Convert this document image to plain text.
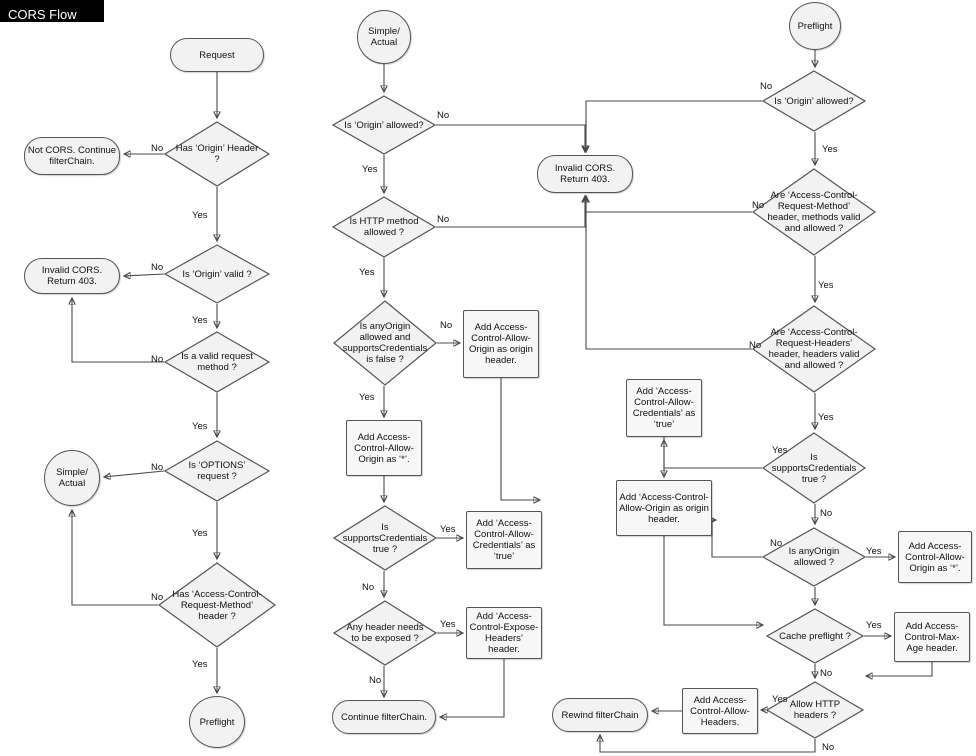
CORS Flow Chart
Request
Has ‘Origin’ Header ?
Not CORS. Continue filterChain.
Is ‘Origin’ valid ?
Invalid CORS. Return 403.
Is a valid request method ?
Is ‘OPTIONS’ request ?
Simple/ Actual
Has ‘Access-Control-Request-Method’ header ?
Preflight
Simple/ Actual
Is ‘Origin’ allowed?
Invalid CORS. Return 403.
Is HTTP method allowed ?
Is anyOrigin allowed and supportsCredentials is false ?
Add Access-Control-Allow-Origin as origin header.
Add Access-Control-Allow-Origin as ‘*’.
Is supportsCredentials true ?
Add ‘Access-Control-Allow-Credentials’ as ‘true’
Any header needs to be exposed ?
Add ‘Access-Control-Expose-Headers’ header.
Continue filterChain.
Preflight
Is ‘Origin’ allowed?
Are ‘Access-Control-Request-Method’ header, methods valid and allowed ?
Are ‘Access-Control-Request-Headers’ header, headers valid and allowed ?
Is supportsCredentials true ?
Add ‘Access-Control-Allow-Credentials’ as ‘true’
Add ‘Access-Control-Allow-Origin as origin header.
Is anyOrigin allowed ?
Add Access-Control-Allow-Origin as ‘*’.
Cache preflight ?
Add Access-Control-Max-Age header.
Allow HTTP headers ?
Add Access-Control-Allow-Headers.
Rewind filterChain
No
Yes
No
Yes
No
Yes
No
Yes
No
Yes
No
Yes
No
Yes
No
Yes
Yes
No
Yes
No
No
Yes
No
Yes
No
Yes
Yes
No
No
Yes
Yes
No
Yes
No
